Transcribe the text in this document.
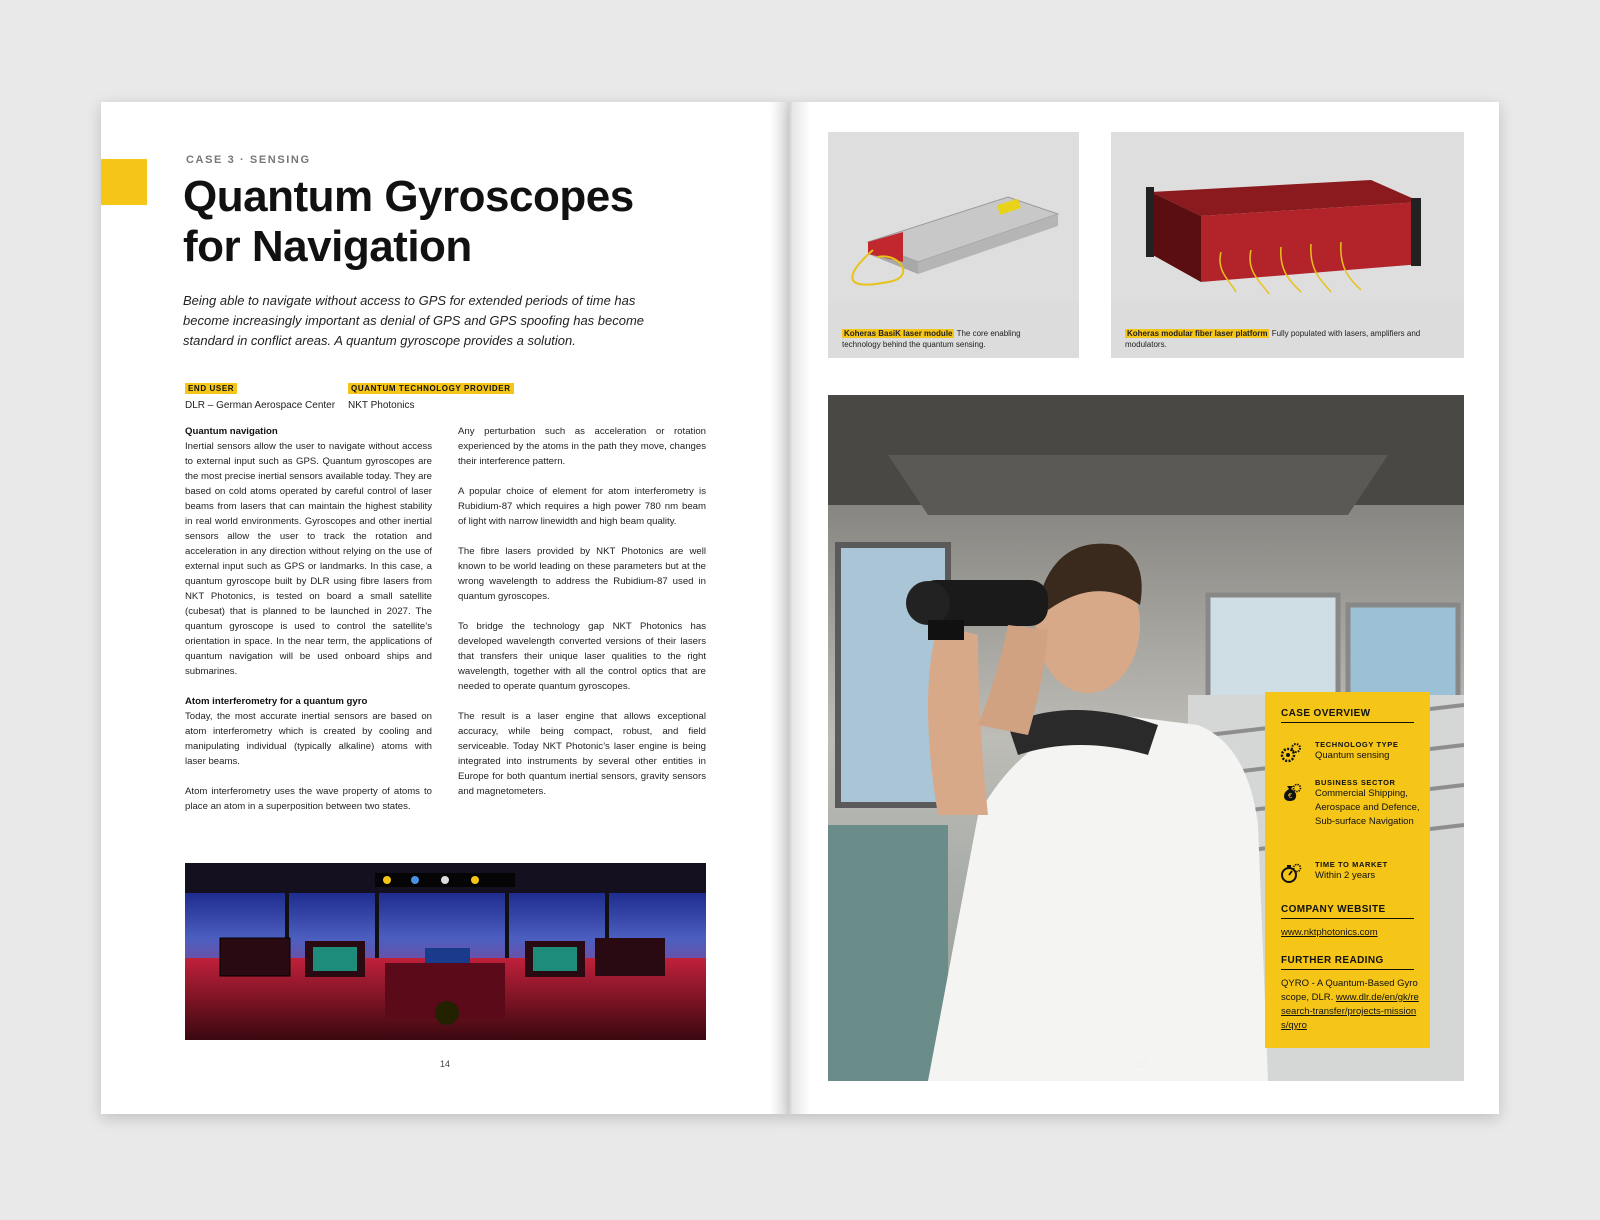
CASE 3 · SENSING
Quantum Gyroscopes
for Navigation
Being able to navigate without access to GPS for extended periods of time has become increasingly important as denial of GPS and GPS spoofing has become standard in conflict areas. A quantum gyroscope provides a solution.
END USER
DLR – German Aerospace Center
QUANTUM TECHNOLOGY PROVIDER
NKT Photonics
Quantum navigation

Inertial sensors allow the user to navigate without access to external input such as GPS. Quantum gyroscopes are the most precise inertial sensors available today. They are based on cold atoms operated by careful control of laser beams from lasers that can maintain the highest stability in real world environments. Gyroscopes and other inertial sensors allow the user to track the rotation and acceleration in any direction without relying on the use of external input such as GPS or landmarks. In this case, a quantum gyroscope built by DLR using fibre lasers from NKT Photonics, is tested on board a small satellite (cubesat) that is planned to be launched in 2027. The quantum gyroscope is used to control the satellite’s orientation in space. In the near term, the applications of quantum navigation will be used onboard ships and submarines.

Atom interferometry for a quantum gyro

Today, the most accurate inertial sensors are based on atom interferometry which is created by cooling and manipulating individual (typically alkaline) atoms with laser beams.

Atom interferometry uses the wave property of atoms to place an atom in a superposition between two states.

Any perturbation such as acceleration or rotation experienced by the atoms in the path they move, changes their interference pattern.

A popular choice of element for atom interferometry is Rubidium-87 which requires a high power 780 nm beam of light with narrow linewidth and high beam quality.

The fibre lasers provided by NKT Photonics are well known to be world leading on these parameters but at the wrong wavelength to address the Rubidium-87 used in quantum gyroscopes.

To bridge the technology gap NKT Photonics has developed wavelength converted versions of their lasers that transfers their unique laser qualities to the right wavelength, together with all the control optics that are needed to operate quantum gyroscopes.

The result is a laser engine that allows exceptional accuracy, while being compact, robust, and field serviceable. Today NKT Photonic’s laser engine is being integrated into instruments by several other entities in Europe for both quantum inertial sensors, gravity sensors and magnetometers.

14
Koheras BasiK laser module The core enabling technology behind the quantum sensing.
Koheras modular fiber laser platform Fully populated with lasers, amplifiers and modulators.
CASE OVERVIEW
TECHNOLOGY TYPE
Quantum sensing
€
BUSINESS SECTOR
Commercial Shipping, Aerospace and Defence, Sub-surface Navigation
TIME TO MARKET
Within 2 years
COMPANY WEBSITE
www.nktphotonics.com
FURTHER READING
QYRO - A Quantum-Based Gyroscope, DLR. www.dlr.de/en/gk/research-transfer/projects-missions/qyro
15
